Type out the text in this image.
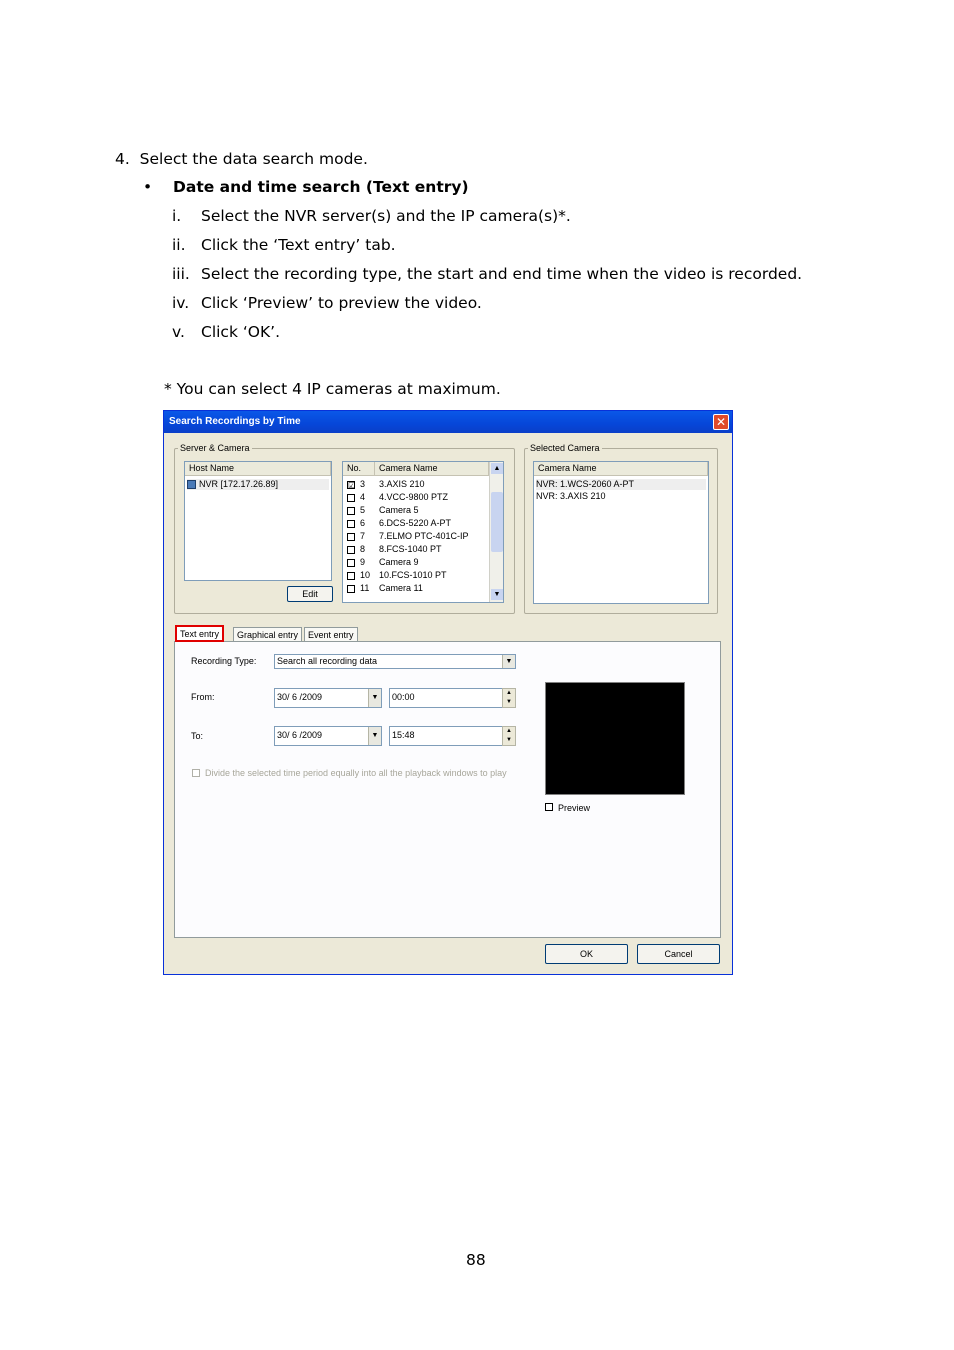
4.  Select the data search mode.
• Date and time search (Text entry)
i. Select the NVR server(s) and the IP camera(s)*.
ii. Click the ‘Text entry’ tab.
iii. Select the recording type, the start and end time when the video is recorded.
iv. Click ‘Preview’ to preview the video.
v. Click ‘OK’.
* You can select 4 IP cameras at maximum.
Search Recordings by Time	✕
Server & Camera
Host Name
NVR [172.17.26.89]
Edit
No.	Camera Name	▲
▼
☑ 3 3.AXIS 210
4 4.VCC-9800 PTZ
5 Camera 5
6 6.DCS-5220 A-PT
7 7.ELMO PTC-401C-IP
8 8.FCS-1040 PT
9 Camera 9
10 10.FCS-1010 PT
11 Camera 11
Selected Camera
Camera Name
NVR: 1.WCS-2060 A-PT
NVR: 3.AXIS 210
Text entry	Graphical entry	Event entry
Recording Type:	Search all recording data	▼
From:	30/ 6 /2009	▼	00:00	▲
▼
To:	30/ 6 /2009	▼	15:48	▲
▼
Divide the selected time period equally into all the playback windows to play
Preview
OK	Cancel
88
